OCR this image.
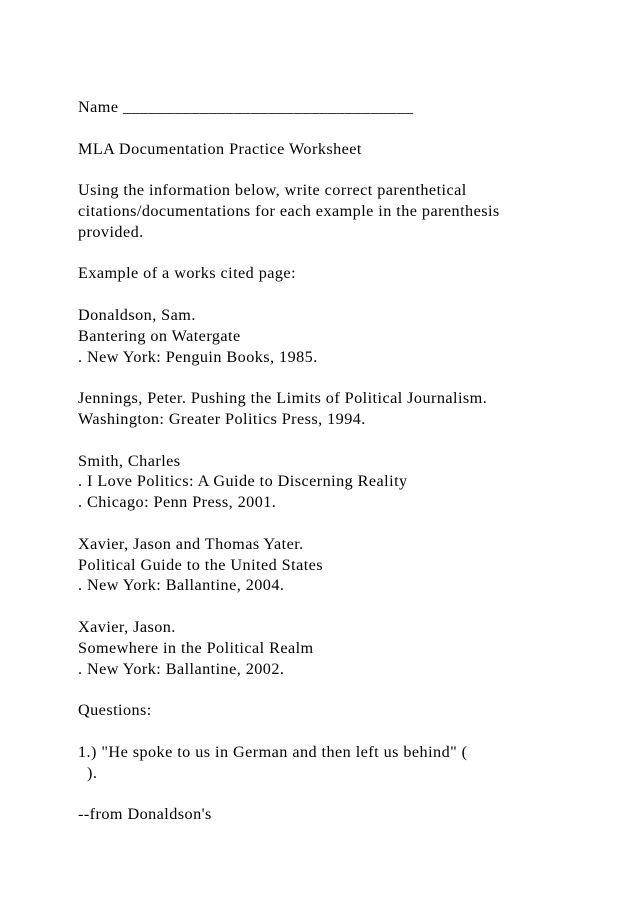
Name __________________________________
MLA Documentation Practice Worksheet
Using the information below, write correct parenthetical
citations/documentations for each example in the parenthesis
provided.
Example of a works cited page:
Donaldson, Sam.
Bantering on Watergate
. New York: Penguin Books, 1985.
Jennings, Peter. Pushing the Limits of Political Journalism.
Washington: Greater Politics Press, 1994.
Smith, Charles
. I Love Politics: A Guide to Discerning Reality
. Chicago: Penn Press, 2001.
Xavier, Jason and Thomas Yater.
Political Guide to the United States
. New York: Ballantine, 2004.
Xavier, Jason.
Somewhere in the Political Realm
. New York: Ballantine, 2002.
Questions:
1.) "He spoke to us in German and then left us behind" (
).
--from Donaldson's
